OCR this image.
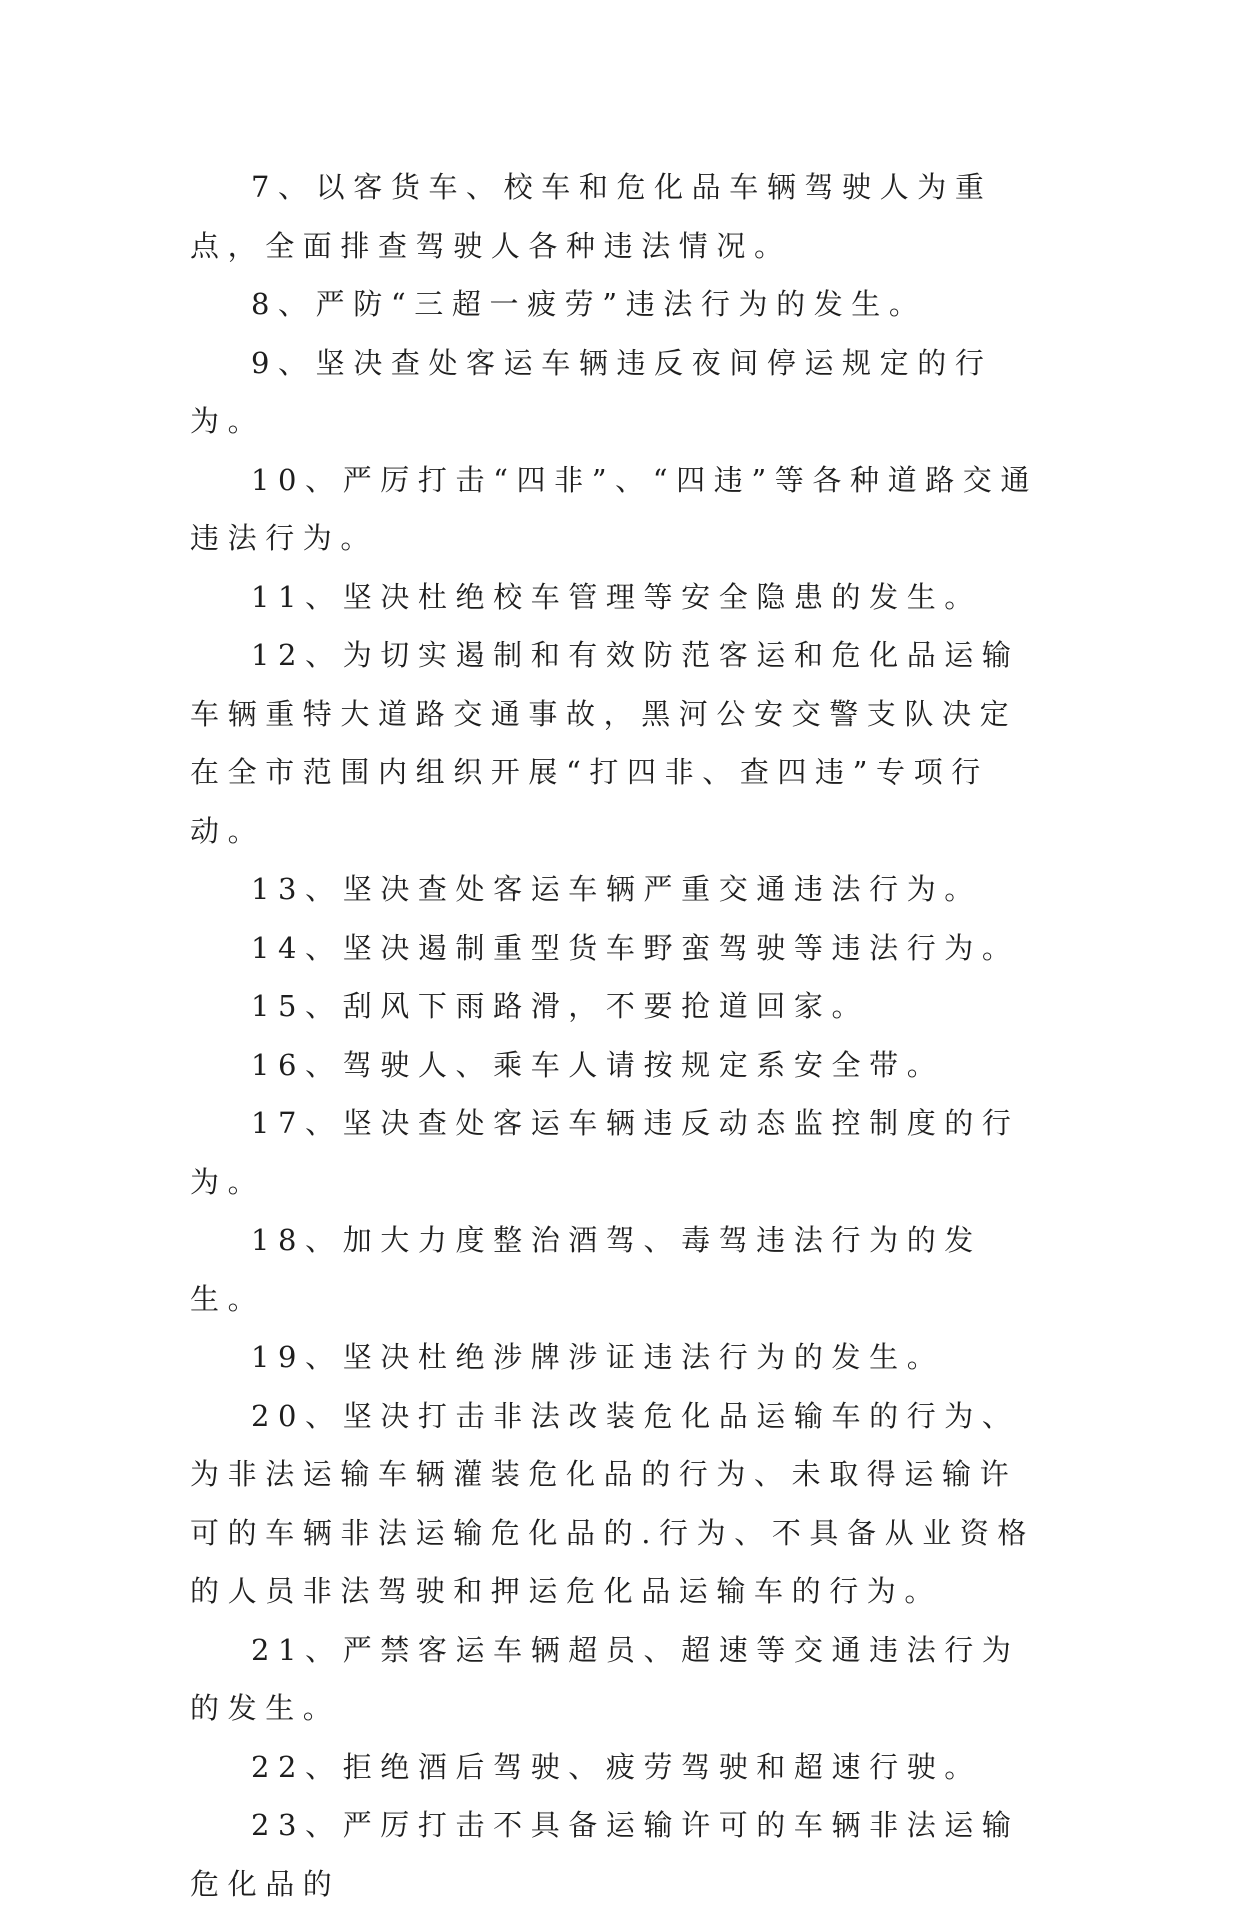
7、以客货车、校车和危化品车辆驾驶人为重点，全面排查驾驶人各种违法情况。

8、严防“三超一疲劳”违法行为的发生。

9、坚决查处客运车辆违反夜间停运规定的行为。

10、严厉打击“四非”、“四违”等各种道路交通违法行为。

11、坚决杜绝校车管理等安全隐患的发生。

12、为切实遏制和有效防范客运和危化品运输车辆重特大道路交通事故，黑河公安交警支队决定在全市范围内组织开展“打四非、查四违”专项行动。

13、坚决查处客运车辆严重交通违法行为。

14、坚决遏制重型货车野蛮驾驶等违法行为。

15、刮风下雨路滑，不要抢道回家。

16、驾驶人、乘车人请按规定系安全带。

17、坚决查处客运车辆违反动态监控制度的行为。

18、加大力度整治酒驾、毒驾违法行为的发生。

19、坚决杜绝涉牌涉证违法行为的发生。

20、坚决打击非法改装危化品运输车的行为、为非法运输车辆灌装危化品的行为、未取得运输许可的车辆非法运输危化品的.行为、不具备从业资格的人员非法驾驶和押运危化品运输车的行为。

21、严禁客运车辆超员、超速等交通违法行为的发生。

22、拒绝酒后驾驶、疲劳驾驶和超速行驶。

23、严厉打击不具备运输许可的车辆非法运输危化品的
